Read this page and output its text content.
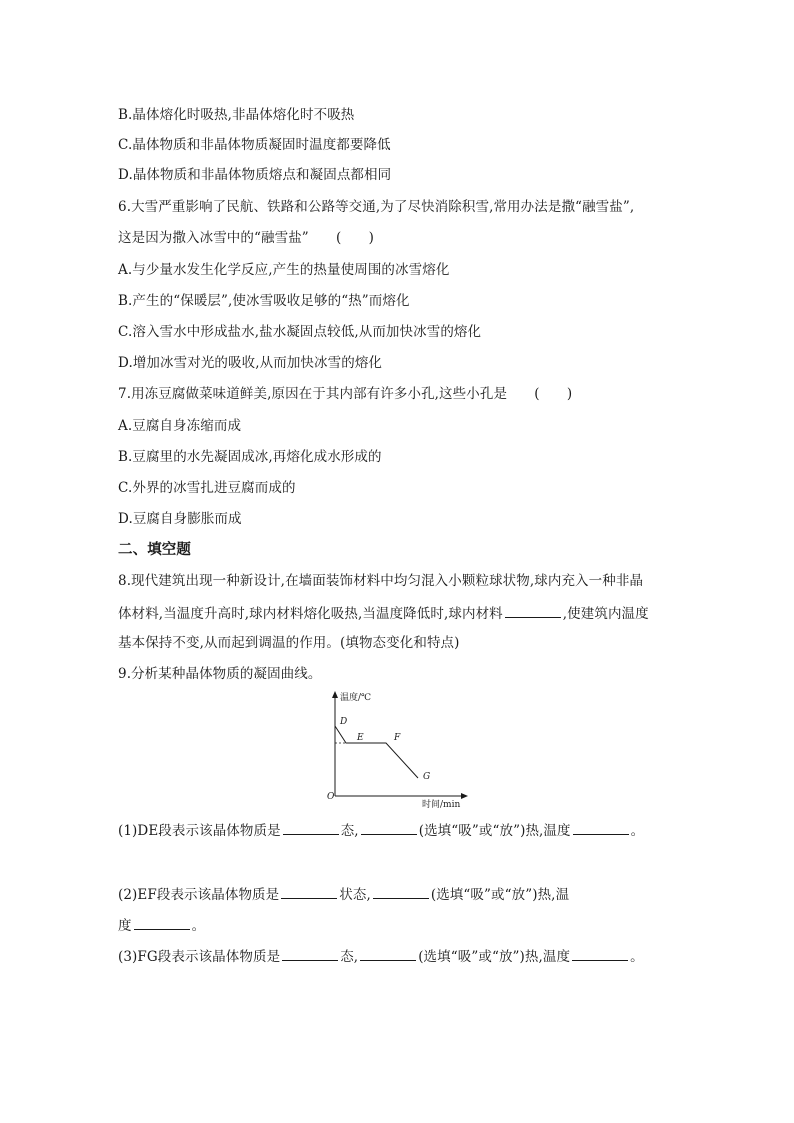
B.晶体熔化时吸热,非晶体熔化时不吸热
C.晶体物质和非晶体物质凝固时温度都要降低
D.晶体物质和非晶体物质熔点和凝固点都相同
6.大雪严重影响了民航、铁路和公路等交通,为了尽快消除积雪,常用办法是撒“融雪盐”,
这是因为撒入冰雪中的“融雪盐”　　(　　)
A.与少量水发生化学反应,产生的热量使周围的冰雪熔化
B.产生的“保暖层”,使冰雪吸收足够的“热”而熔化
C.溶入雪水中形成盐水,盐水凝固点较低,从而加快冰雪的熔化
D.增加冰雪对光的吸收,从而加快冰雪的熔化
7.用冻豆腐做菜味道鲜美,原因在于其内部有许多小孔,这些小孔是　　(　　)
A.豆腐自身冻缩而成
B.豆腐里的水先凝固成冰,再熔化成水形成的
C.外界的冰雪扎进豆腐而成的
D.豆腐自身膨胀而成
二、填空题
8.现代建筑出现一种新设计,在墙面装饰材料中均匀混入小颗粒球状物,球内充入一种非晶
体材料,当温度升高时,球内材料熔化吸热,当温度降低时,球内材料	,使建筑内温度
基本保持不变,从而起到调温的作用。(填物态变化和特点)
9.分析某种晶体物质的凝固曲线。
温度/℃
时间/min
O
D
E	F
G
(1)DE段表示该晶体物质是	态,	(选填“吸”或“放”)热,温度	。
(2)EF段表示该晶体物质是	状态,	(选填“吸”或“放”)热,温
度	。
(3)FG段表示该晶体物质是	态,	(选填“吸”或“放”)热,温度	。
